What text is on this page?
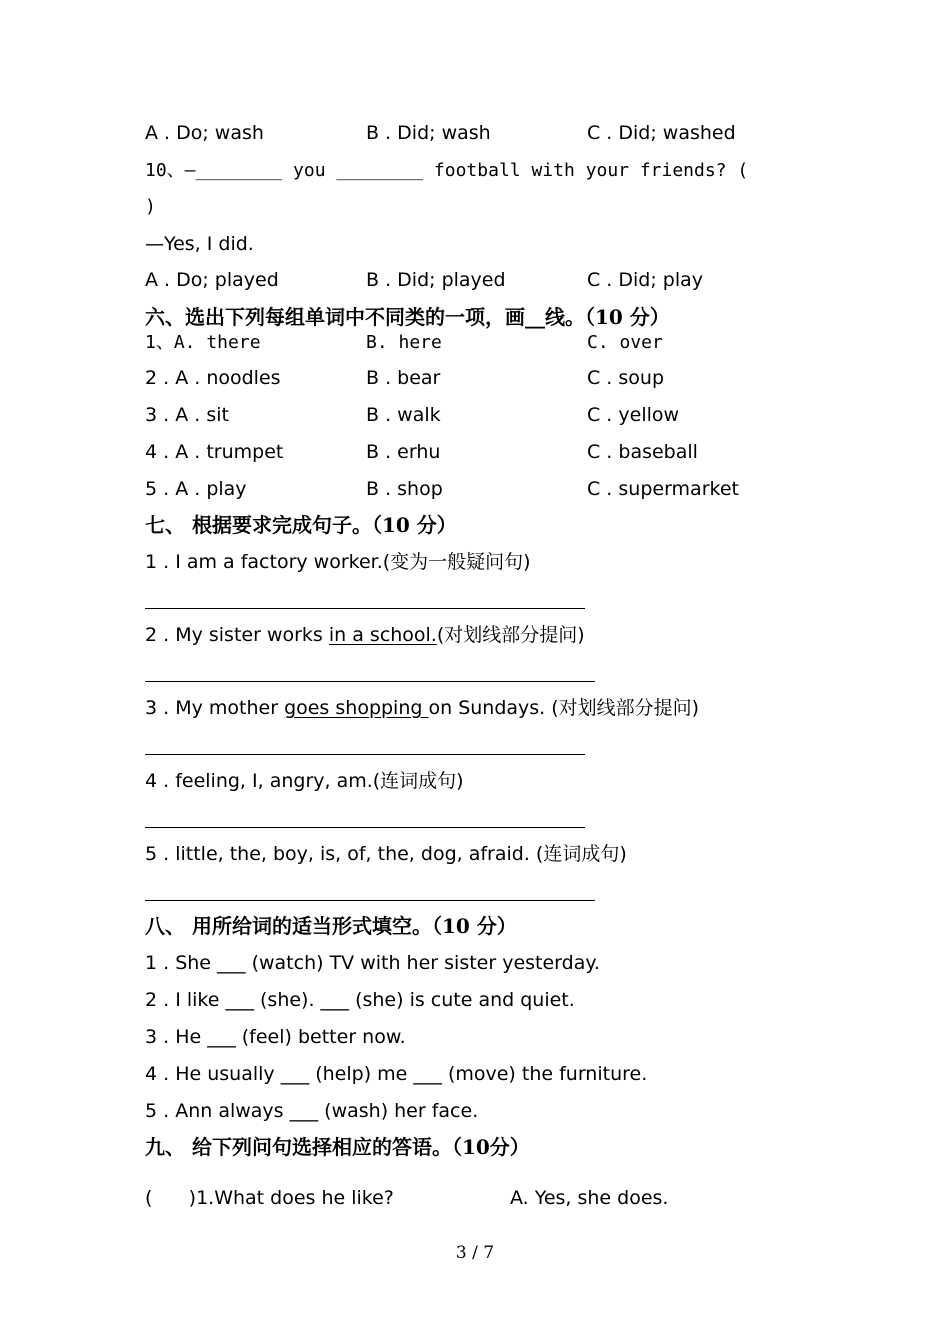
A . Do; wash	B . Did; wash	C . Did; washed
10、—________ you ________ football with your friends? (
)
—Yes, I did.
A . Do; played	B . Did; played	C . Did; play
六、选出下列每组单词中不同类的一项，画__线。（10 分）
1、A. there	B. here	C. over
2 . A . noodles	B . bear	C . soup
3 . A . sit	B . walk	C . yellow
4 . A . trumpet	B . erhu	C . baseball
5 . A . play	B . shop	C . supermarket
七、 根据要求完成句子。（10 分）
1 . I am a factory worker.(变为一般疑问句)
2 . My sister works in a school.(对划线部分提问)
3 . My mother goes shopping on Sundays. (对划线部分提问)
4 . feeling, I, angry, am.(连词成句)
5 . little, the, boy, is, of, the, dog, afraid. (连词成句)
八、 用所给词的适当形式填空。（10 分）
1 . She ___ (watch) TV with her sister yesterday.
2 . I like ___ (she). ___ (she) is cute and quiet.
3 . He ___ (feel) better now.
4 . He usually ___ (help) me ___ (move) the furniture.
5 . Ann always ___ (wash) her face.
九、 给下列问句选择相应的答语。（10分）
(      )1.What does he like?	A. Yes, she does.
3 / 7
